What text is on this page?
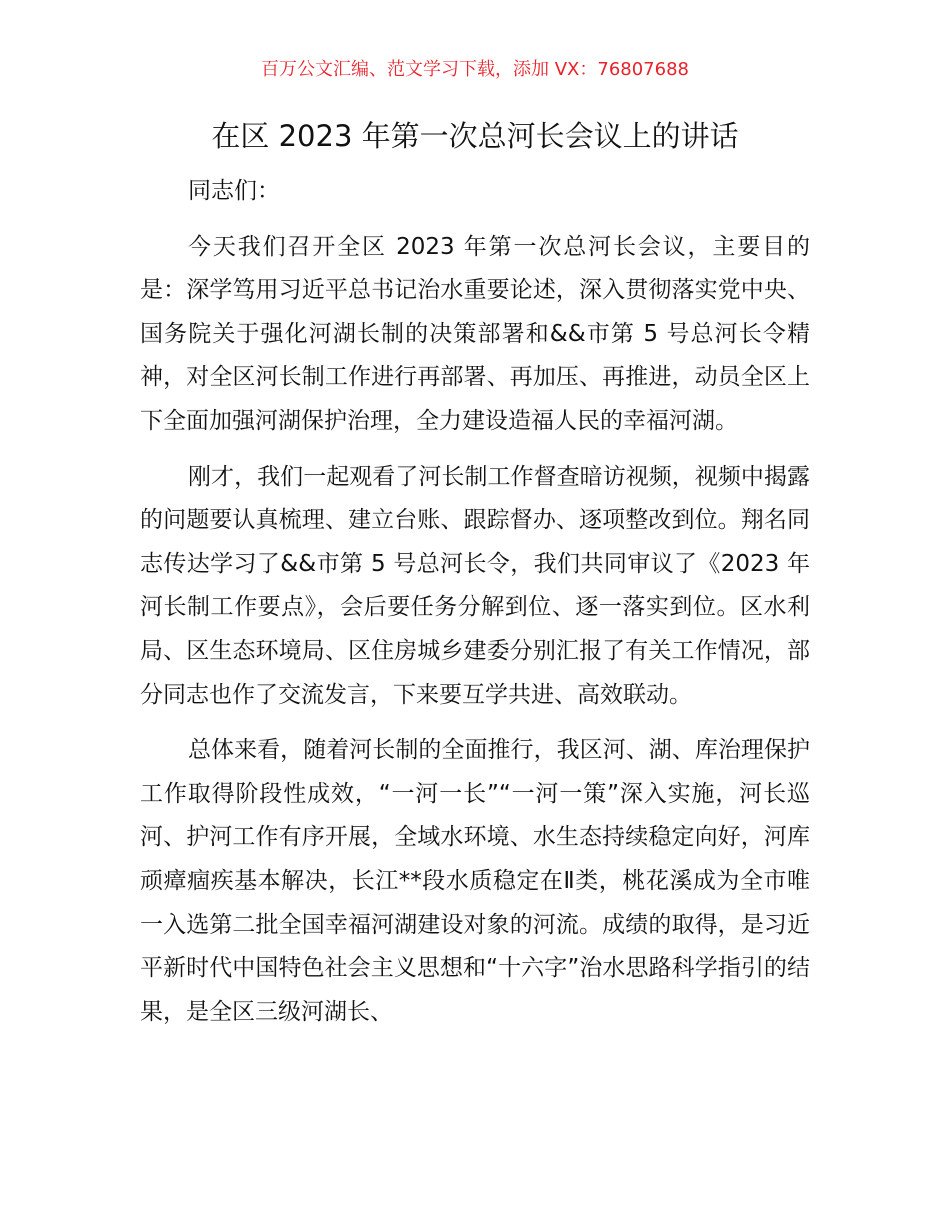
百万公文汇编、范文学习下载，添加 VX：76807688
在区 2023 年第一次总河长会议上的讲话

同志们：

今天我们召开全区 2023 年第一次总河长会议，主要目的是：深学笃用习近平总书记治水重要论述，深入贯彻落实党中央、国务院关于强化河湖长制的决策部署和&&市第 5 号总河长令精神，对全区河长制工作进行再部署、再加压、再推进，动员全区上下全面加强河湖保护治理，全力建设造福人民的幸福河湖。

刚才，我们一起观看了河长制工作督查暗访视频，视频中揭露的问题要认真梳理、建立台账、跟踪督办、逐项整改到位。翔名同志传达学习了&&市第 5 号总河长令，我们共同审议了《2023 年河长制工作要点》，会后要任务分解到位、逐一落实到位。区水利局、区生态环境局、区住房城乡建委分别汇报了有关工作情况，部分同志也作了交流发言，下来要互学共进、高效联动。

总体来看，随着河长制的全面推行，我区河、湖、库治理保护工作取得阶段性成效，“一河一长”“一河一策”深入实施，河长巡河、护河工作有序开展，全域水环境、水生态持续稳定向好，河库顽瘴痼疾基本解决，长江**段水质稳定在Ⅱ类，桃花溪成为全市唯一入选第二批全国幸福河湖建设对象的河流。成绩的取得，是习近平新时代中国特色社会主义思想和“十六字”治水思路科学指引的结果，是全区三级河湖长、
